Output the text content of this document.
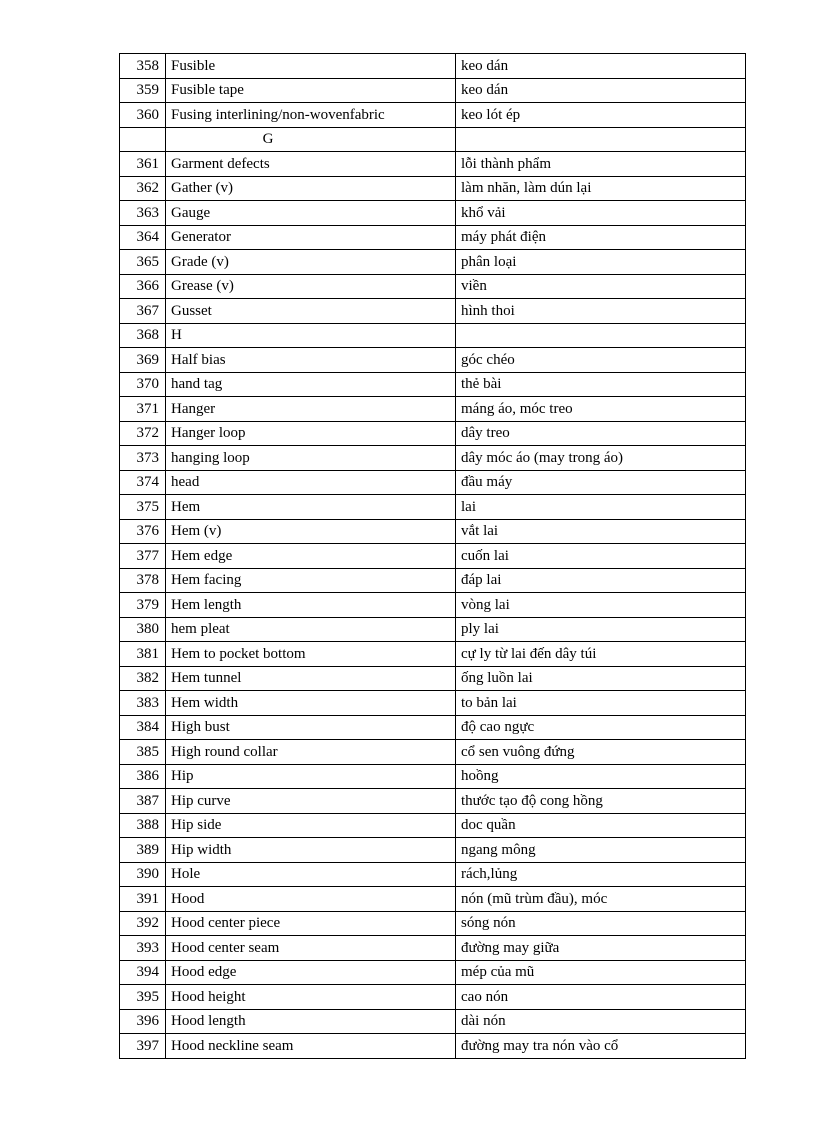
358	Fusible	keo dán
359	Fusible tape	keo dán
360	Fusing interlining/non-wovenfabric	keo lót ép
	G	
361	Garment defects	lỗi thành phẩm
362	Gather (v)	làm nhăn, làm dún lại
363	Gauge	khổ vải
364	Generator	máy phát điện
365	Grade (v)	phân loại
366	Grease (v)	viền
367	Gusset	hình thoi
368	H	
369	Half bias	góc chéo
370	hand tag	thẻ bài
371	Hanger	máng áo, móc treo
372	Hanger loop	dây treo
373	hanging loop	dây móc áo (may trong áo)
374	head	đầu máy
375	Hem	lai
376	Hem (v)	vắt lai
377	Hem edge	cuốn lai
378	Hem facing	đáp lai
379	Hem length	vòng lai
380	hem pleat	ply lai
381	Hem to pocket bottom	cự ly từ lai đến dây túi
382	Hem tunnel	ống luồn lai
383	Hem width	to bản lai
384	High bust	độ cao ngực
385	High round collar	cổ sen vuông đứng
386	Hip	hoồng
387	Hip curve	thước tạo độ cong hồng
388	Hip side	doc quần
389	Hip width	ngang mông
390	Hole	rách,lủng
391	Hood	nón (mũ trùm đầu), móc
392	Hood center piece	sóng nón
393	Hood center seam	đường may giữa
394	Hood edge	mép của mũ
395	Hood height	cao nón
396	Hood length	dài nón
397	Hood neckline seam	đường may tra nón vào cổ
